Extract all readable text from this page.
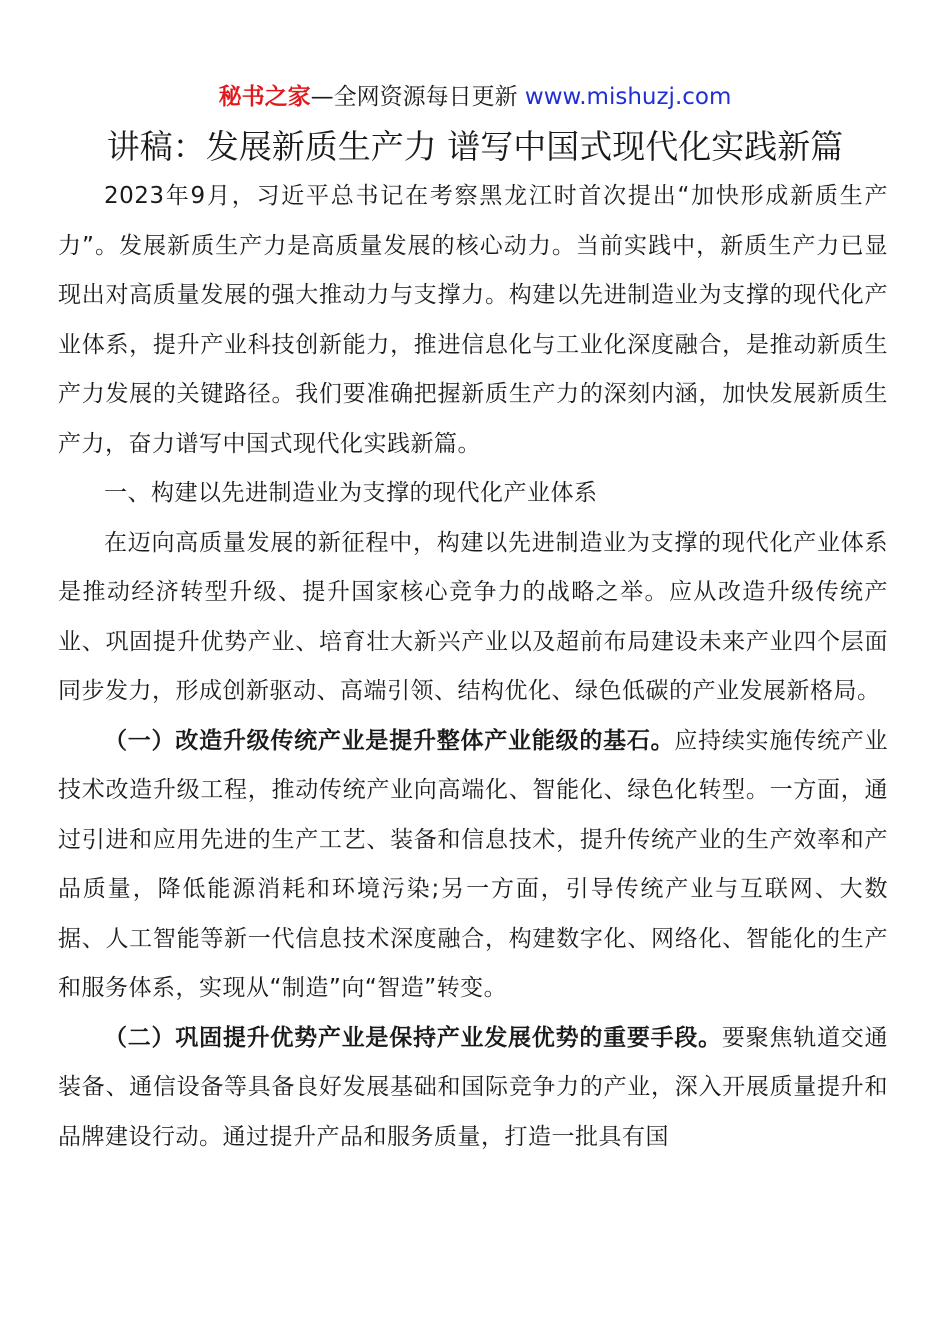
秘书之家—全网资源每日更新 www.mishuzj.com
讲稿：发展新质生产力 谱写中国式现代化实践新篇

2023年9月，习近平总书记在考察黑龙江时首次提出“加快形成新质生产力”。发展新质生产力是高质量发展的核心动力。当前实践中，新质生产力已显现出对高质量发展的强大推动力与支撑力。构建以先进制造业为支撑的现代化产业体系，提升产业科技创新能力，推进信息化与工业化深度融合，是推动新质生产力发展的关键路径。我们要准确把握新质生产力的深刻内涵，加快发展新质生产力，奋力谱写中国式现代化实践新篇。

一、构建以先进制造业为支撑的现代化产业体系

在迈向高质量发展的新征程中，构建以先进制造业为支撑的现代化产业体系是推动经济转型升级、提升国家核心竞争力的战略之举。应从改造升级传统产业、巩固提升优势产业、培育壮大新兴产业以及超前布局建设未来产业四个层面同步发力，形成创新驱动、高端引领、结构优化、绿色低碳的产业发展新格局。

（一）改造升级传统产业是提升整体产业能级的基石。应持续实施传统产业技术改造升级工程，推动传统产业向高端化、智能化、绿色化转型。一方面，通过引进和应用先进的生产工艺、装备和信息技术，提升传统产业的生产效率和产品质量，降低能源消耗和环境污染;另一方面，引导传统产业与互联网、大数据、人工智能等新一代信息技术深度融合，构建数字化、网络化、智能化的生产和服务体系，实现从“制造”向“智造”转变。

（二）巩固提升优势产业是保持产业发展优势的重要手段。要聚焦轨道交通装备、通信设备等具备良好发展基础和国际竞争力的产业，深入开展质量提升和品牌建设行动。通过提升产品和服务质量，打造一批具有国
